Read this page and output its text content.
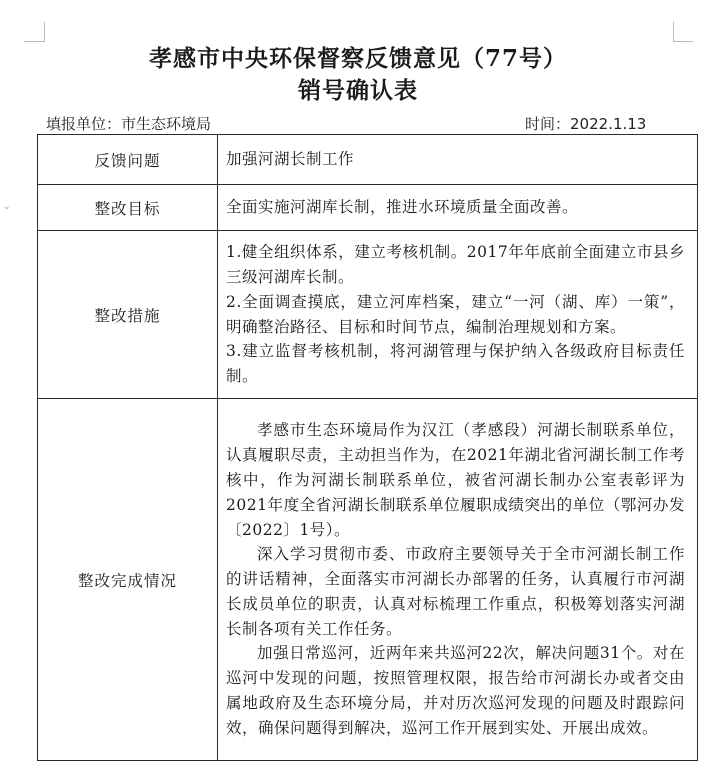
⌄
孝感市中央环保督察反馈意见（77号）
销号确认表
填报单位：市生态环境局	时间：2022.1.13
反馈问题	加强河湖长制工作

整改目标	全面实施河湖库长制，推进水环境质量全面改善。

整改措施	1.健全组织体系，建立考核机制。2017年年底前全面建立市县乡三级河湖库长制。

2.全面调查摸底，建立河库档案，建立“一河（湖、库）一策”，明确整治路径、目标和时间节点，编制治理规划和方案。

3.建立监督考核机制，将河湖管理与保护纳入各级政府目标责任制。

整改完成情况	孝感市生态环境局作为汉江（孝感段）河湖长制联系单位，认真履职尽责，主动担当作为，在2021年湖北省河湖长制工作考核中，作为河湖长制联系单位，被省河湖长制办公室表彰评为2021年度全省河湖长制联系单位履职成绩突出的单位（鄂河办发〔2022〕1号）。

深入学习贯彻市委、市政府主要领导关于全市河湖长制工作的讲话精神，全面落实市河湖长办部署的任务，认真履行市河湖长成员单位的职责，认真对标梳理工作重点，积极筹划落实河湖长制各项有关工作任务。

加强日常巡河，近两年来共巡河22次，解决问题31个。对在巡河中发现的问题，按照管理权限，报告给市河湖长办或者交由属地政府及生态环境分局，并对历次巡河发现的问题及时跟踪问效，确保问题得到解决，巡河工作开展到实处、开展出成效。
